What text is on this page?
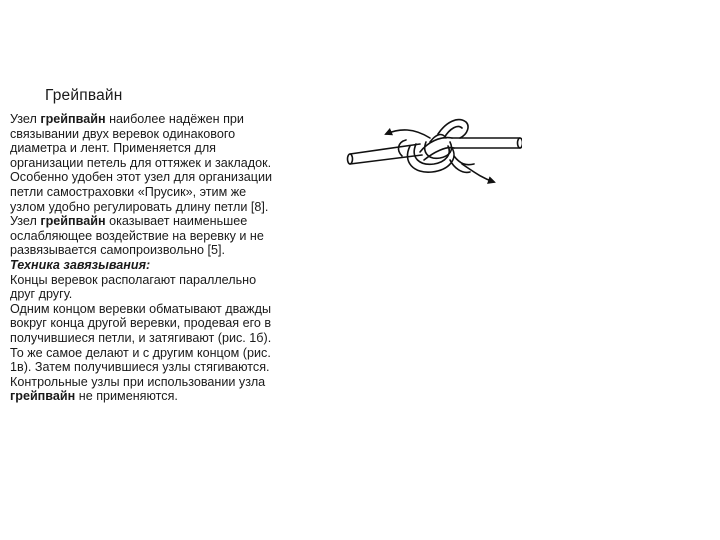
Грейпвайн

Узел грейпвайн наиболее надёжен при связывании двух веревок одинакового диаметра и лент. Применяется для организации петель для оттяжек и закладок. Особенно удобен этот узел для организации петли самостраховки «Прусик», этим же узлом удобно регулировать длину петли [8].

Узел грейпвайн оказывает наименьшее ослабляющее воздействие на веревку и не развязывается самопроизвольно [5].

Техника завязывания:

Концы веревок располагают параллельно друг другу.

Одним концом веревки обматывают дважды вокруг конца другой веревки, продевая его в получившиеся петли, и затягивают (рис. 1б). То же самое делают и с другим концом (рис. 1в). Затем получившиеся узлы стягиваются.

Контрольные узлы при использовании узла грейпвайн не применяются.
